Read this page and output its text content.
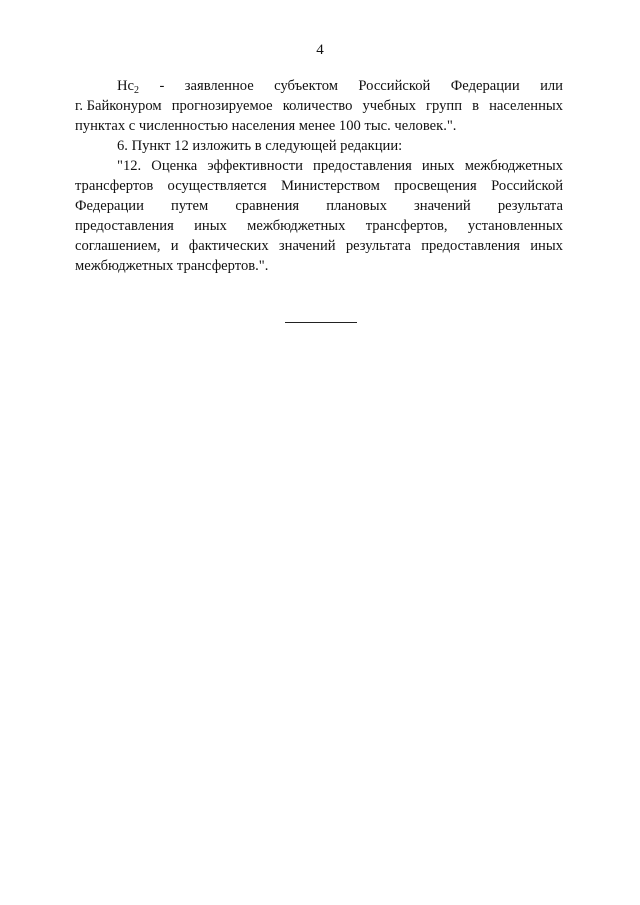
4
$Hc_2$ - заявленное субъектом Российской Федерации или
г. Байконуром прогнозируемое количество учебных групп в населенных
пунктах с численностью населения менее 100 тыс. человек.".
6. Пункт 12 изложить в следующей редакции:
"12. Оценка эффективности предоставления иных межбюджетных
трансфертов осуществляется Министерством просвещения Российской
Федерации путем сравнения плановых значений результата
предоставления иных межбюджетных трансфертов, установленных
соглашением, и фактических значений результата предоставления иных
межбюджетных трансфертов.".
